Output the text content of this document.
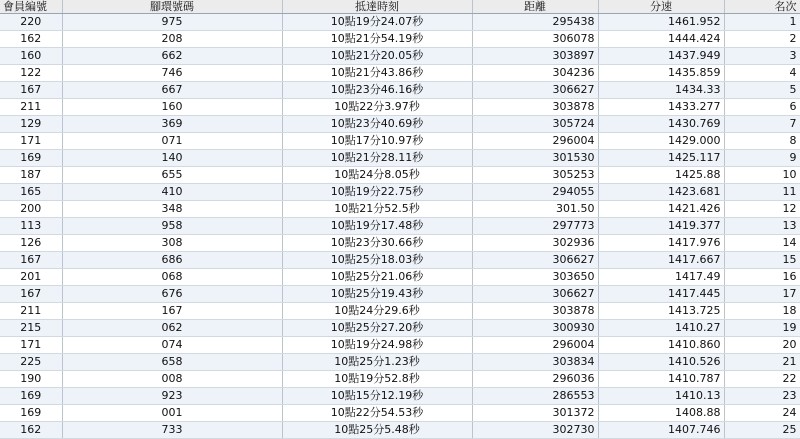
會員編號	腳環號碼	抵達時刻	距離	分速	名次
220	975	10點19分24.07秒	295438	1461.952	1
162	208	10點21分54.19秒	306078	1444.424	2
160	662	10點21分20.05秒	303897	1437.949	3
122	746	10點21分43.86秒	304236	1435.859	4
167	667	10點23分46.16秒	306627	1434.33	5
211	160	10點22分3.97秒	303878	1433.277	6
129	369	10點23分40.69秒	305724	1430.769	7
171	071	10點17分10.97秒	296004	1429.000	8
169	140	10點21分28.11秒	301530	1425.117	9
187	655	10點24分8.05秒	305253	1425.88	10
165	410	10點19分22.75秒	294055	1423.681	11
200	348	10點21分52.5秒	301.50	1421.426	12
113	958	10點19分17.48秒	297773	1419.377	13
126	308	10點23分30.66秒	302936	1417.976	14
167	686	10點25分18.03秒	306627	1417.667	15
201	068	10點25分21.06秒	303650	1417.49	16
167	676	10點25分19.43秒	306627	1417.445	17
211	167	10點24分29.6秒	303878	1413.725	18
215	062	10點25分27.20秒	300930	1410.27	19
171	074	10點19分24.98秒	296004	1410.860	20
225	658	10點25分1.23秒	303834	1410.526	21
190	008	10點19分52.8秒	296036	1410.787	22
169	923	10點15分12.19秒	286553	1410.13	23
169	001	10點22分54.53秒	301372	1408.88	24
162	733	10點25分5.48秒	302730	1407.746	25
